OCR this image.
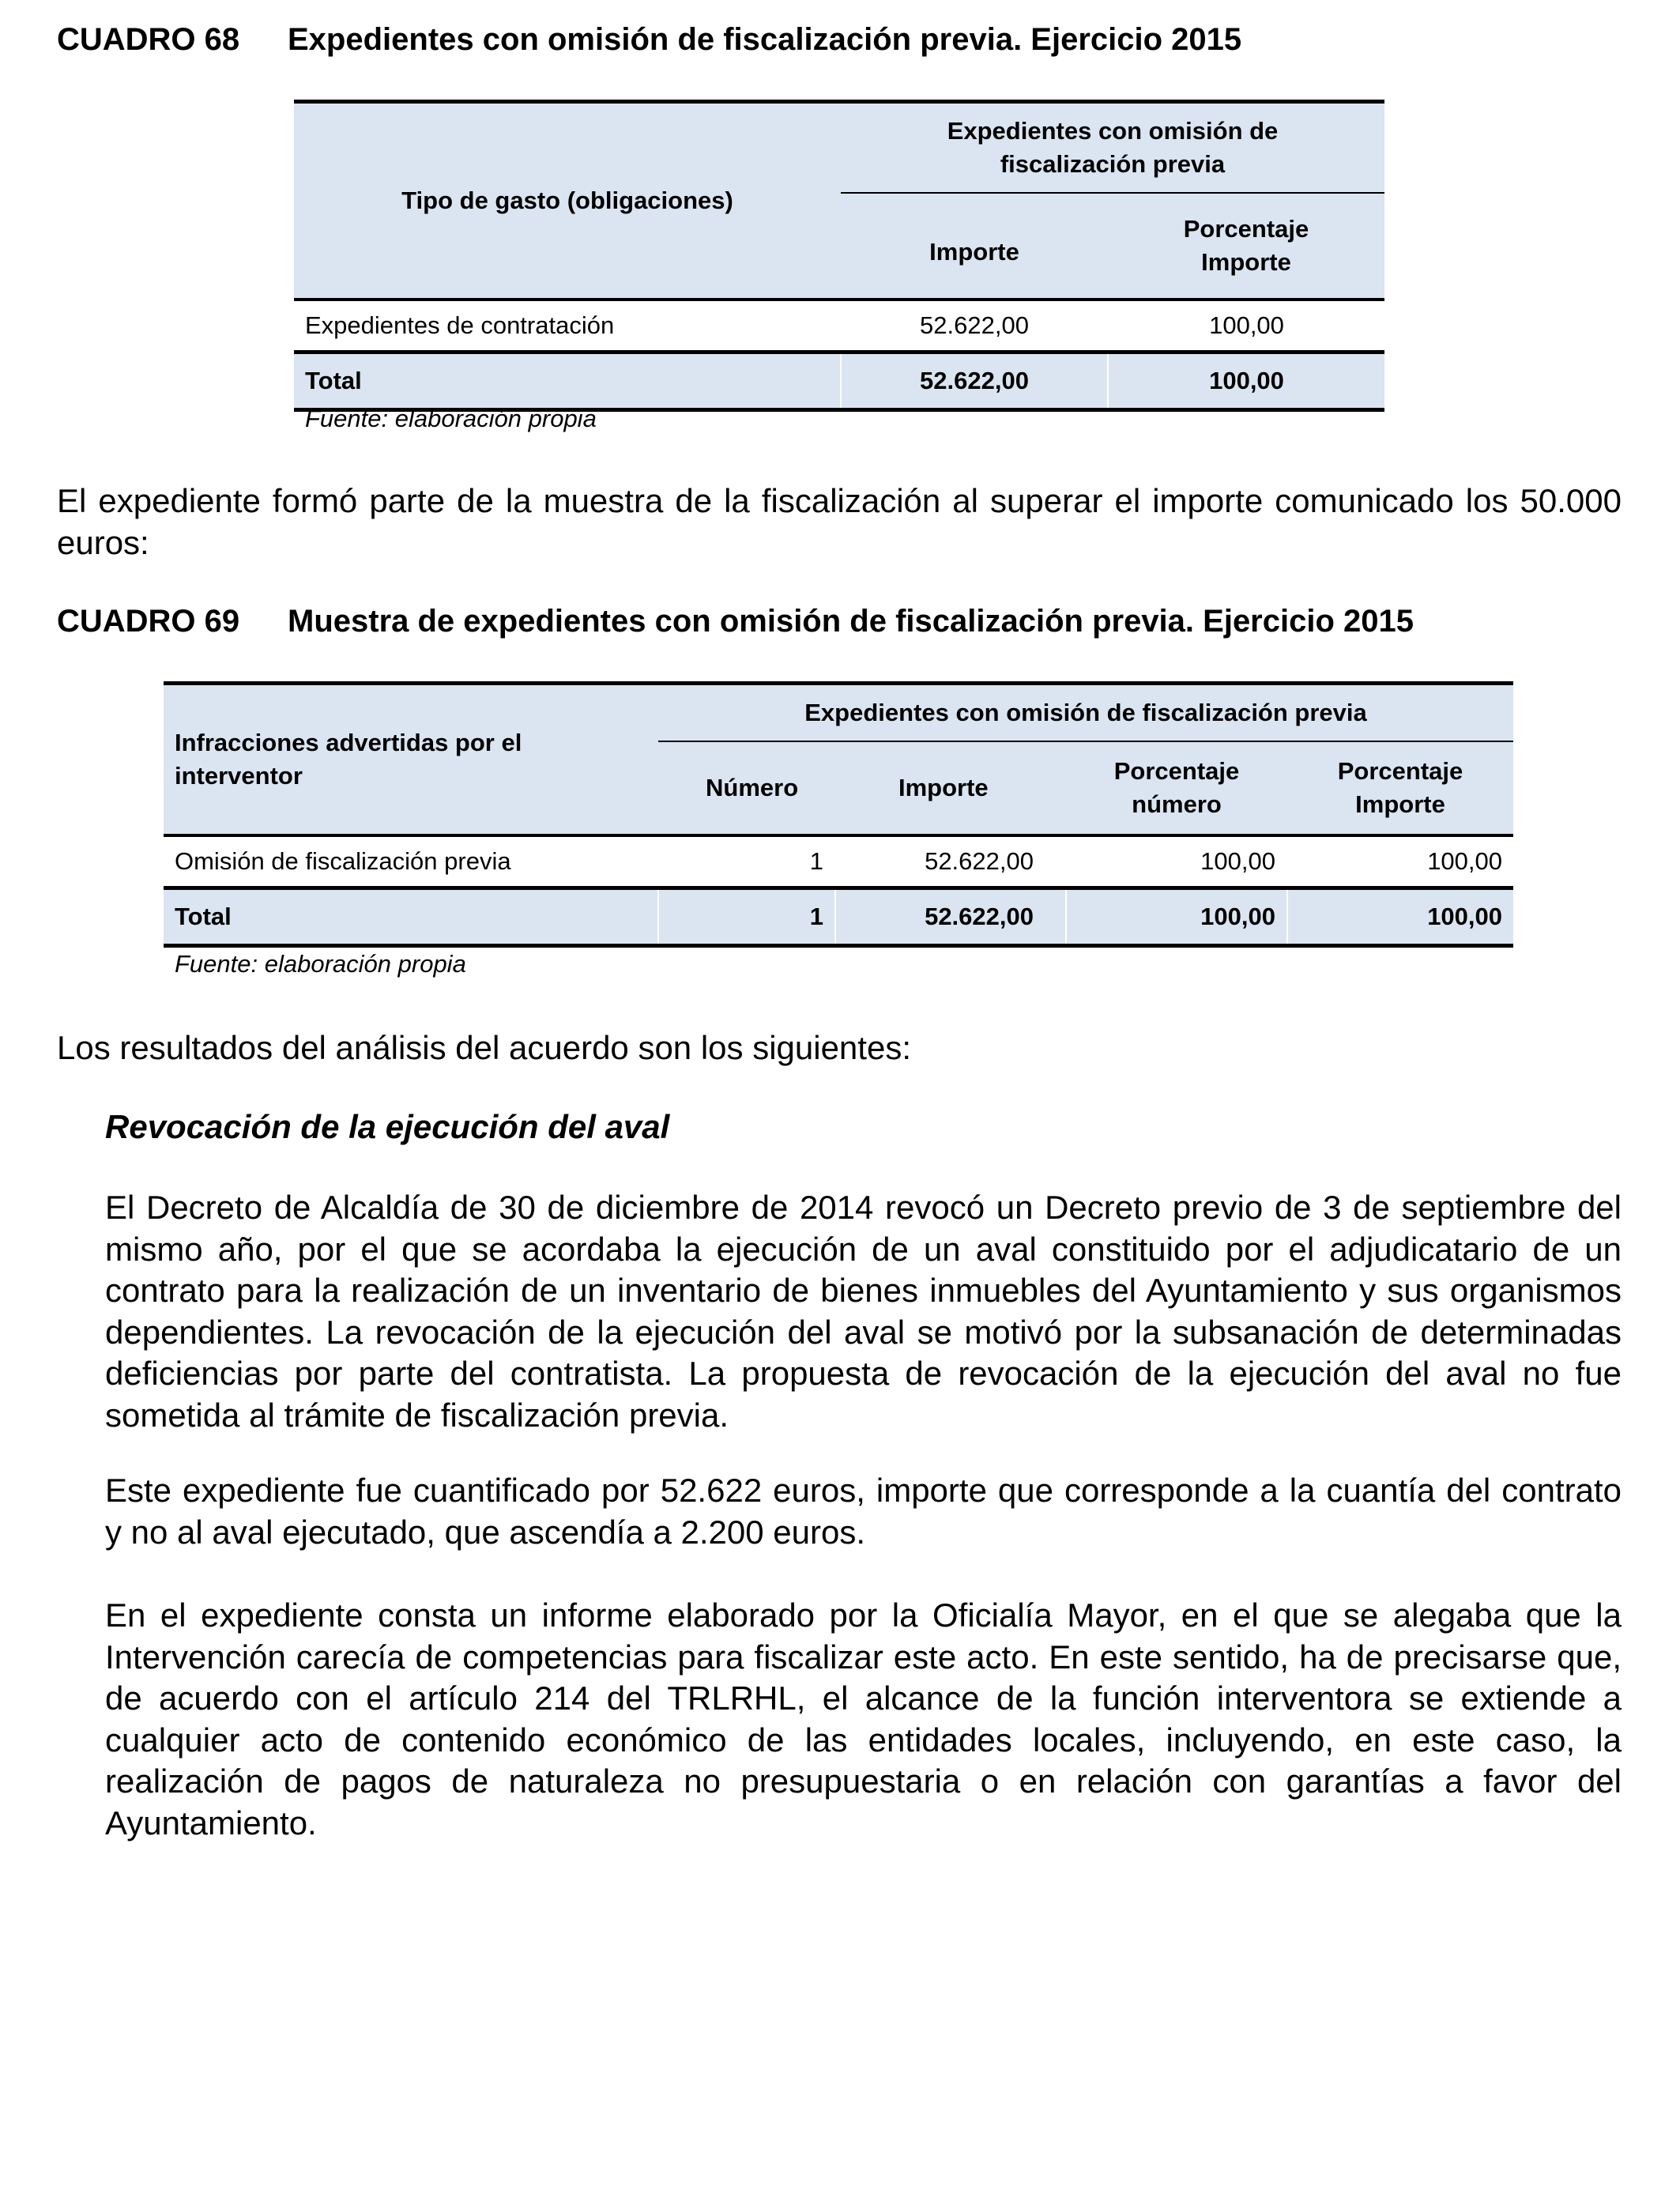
CUADRO 68 Expedientes con omisión de fiscalización previa. Ejercicio 2015
Tipo de gasto (obligaciones)	Expedientes con omisión de fiscalización previa	
	Importe	Porcentaje Importe
Expedientes de contratación	52.622,00	100,00
Total	52.622,00	100,00
Fuente: elaboración propia

El expediente formó parte de la muestra de la fiscalización al superar el importe comunicado los 50.000 euros:

CUADRO 69 Muestra de expedientes con omisión de fiscalización previa. Ejercicio 2015
Infracciones advertidas por el interventor	Expedientes con omisión de fiscalización previa			
	Número	Importe	Porcentaje número	Porcentaje Importe
Omisión de fiscalización previa	1	52.622,00	100,00	100,00
Total	1	52.622,00	100,00	100,00
Fuente: elaboración propia

Los resultados del análisis del acuerdo son los siguientes:

Revocación de la ejecución del aval

El Decreto de Alcaldía de 30 de diciembre de 2014 revocó un Decreto previo de 3 de septiembre del mismo año, por el que se acordaba la ejecución de un aval constituido por el adjudicatario de un contrato para la realización de un inventario de bienes inmuebles del Ayuntamiento y sus organismos dependientes. La revocación de la ejecución del aval se motivó por la subsanación de determinadas deficiencias por parte del contratista. La propuesta de revocación de la ejecución del aval no fue sometida al trámite de fiscalización previa.

Este expediente fue cuantificado por 52.622 euros, importe que corresponde a la cuantía del contrato y no al aval ejecutado, que ascendía a 2.200 euros.

En el expediente consta un informe elaborado por la Oficialía Mayor, en el que se alegaba que la Intervención carecía de competencias para fiscalizar este acto. En este sentido, ha de precisarse que, de acuerdo con el artículo 214 del TRLRHL, el alcance de la función interventora se extiende a cualquier acto de contenido económico de las entidades locales, incluyendo, en este caso, la realización de pagos de naturaleza no presupuestaria o en relación con garantías a favor del Ayuntamiento.
